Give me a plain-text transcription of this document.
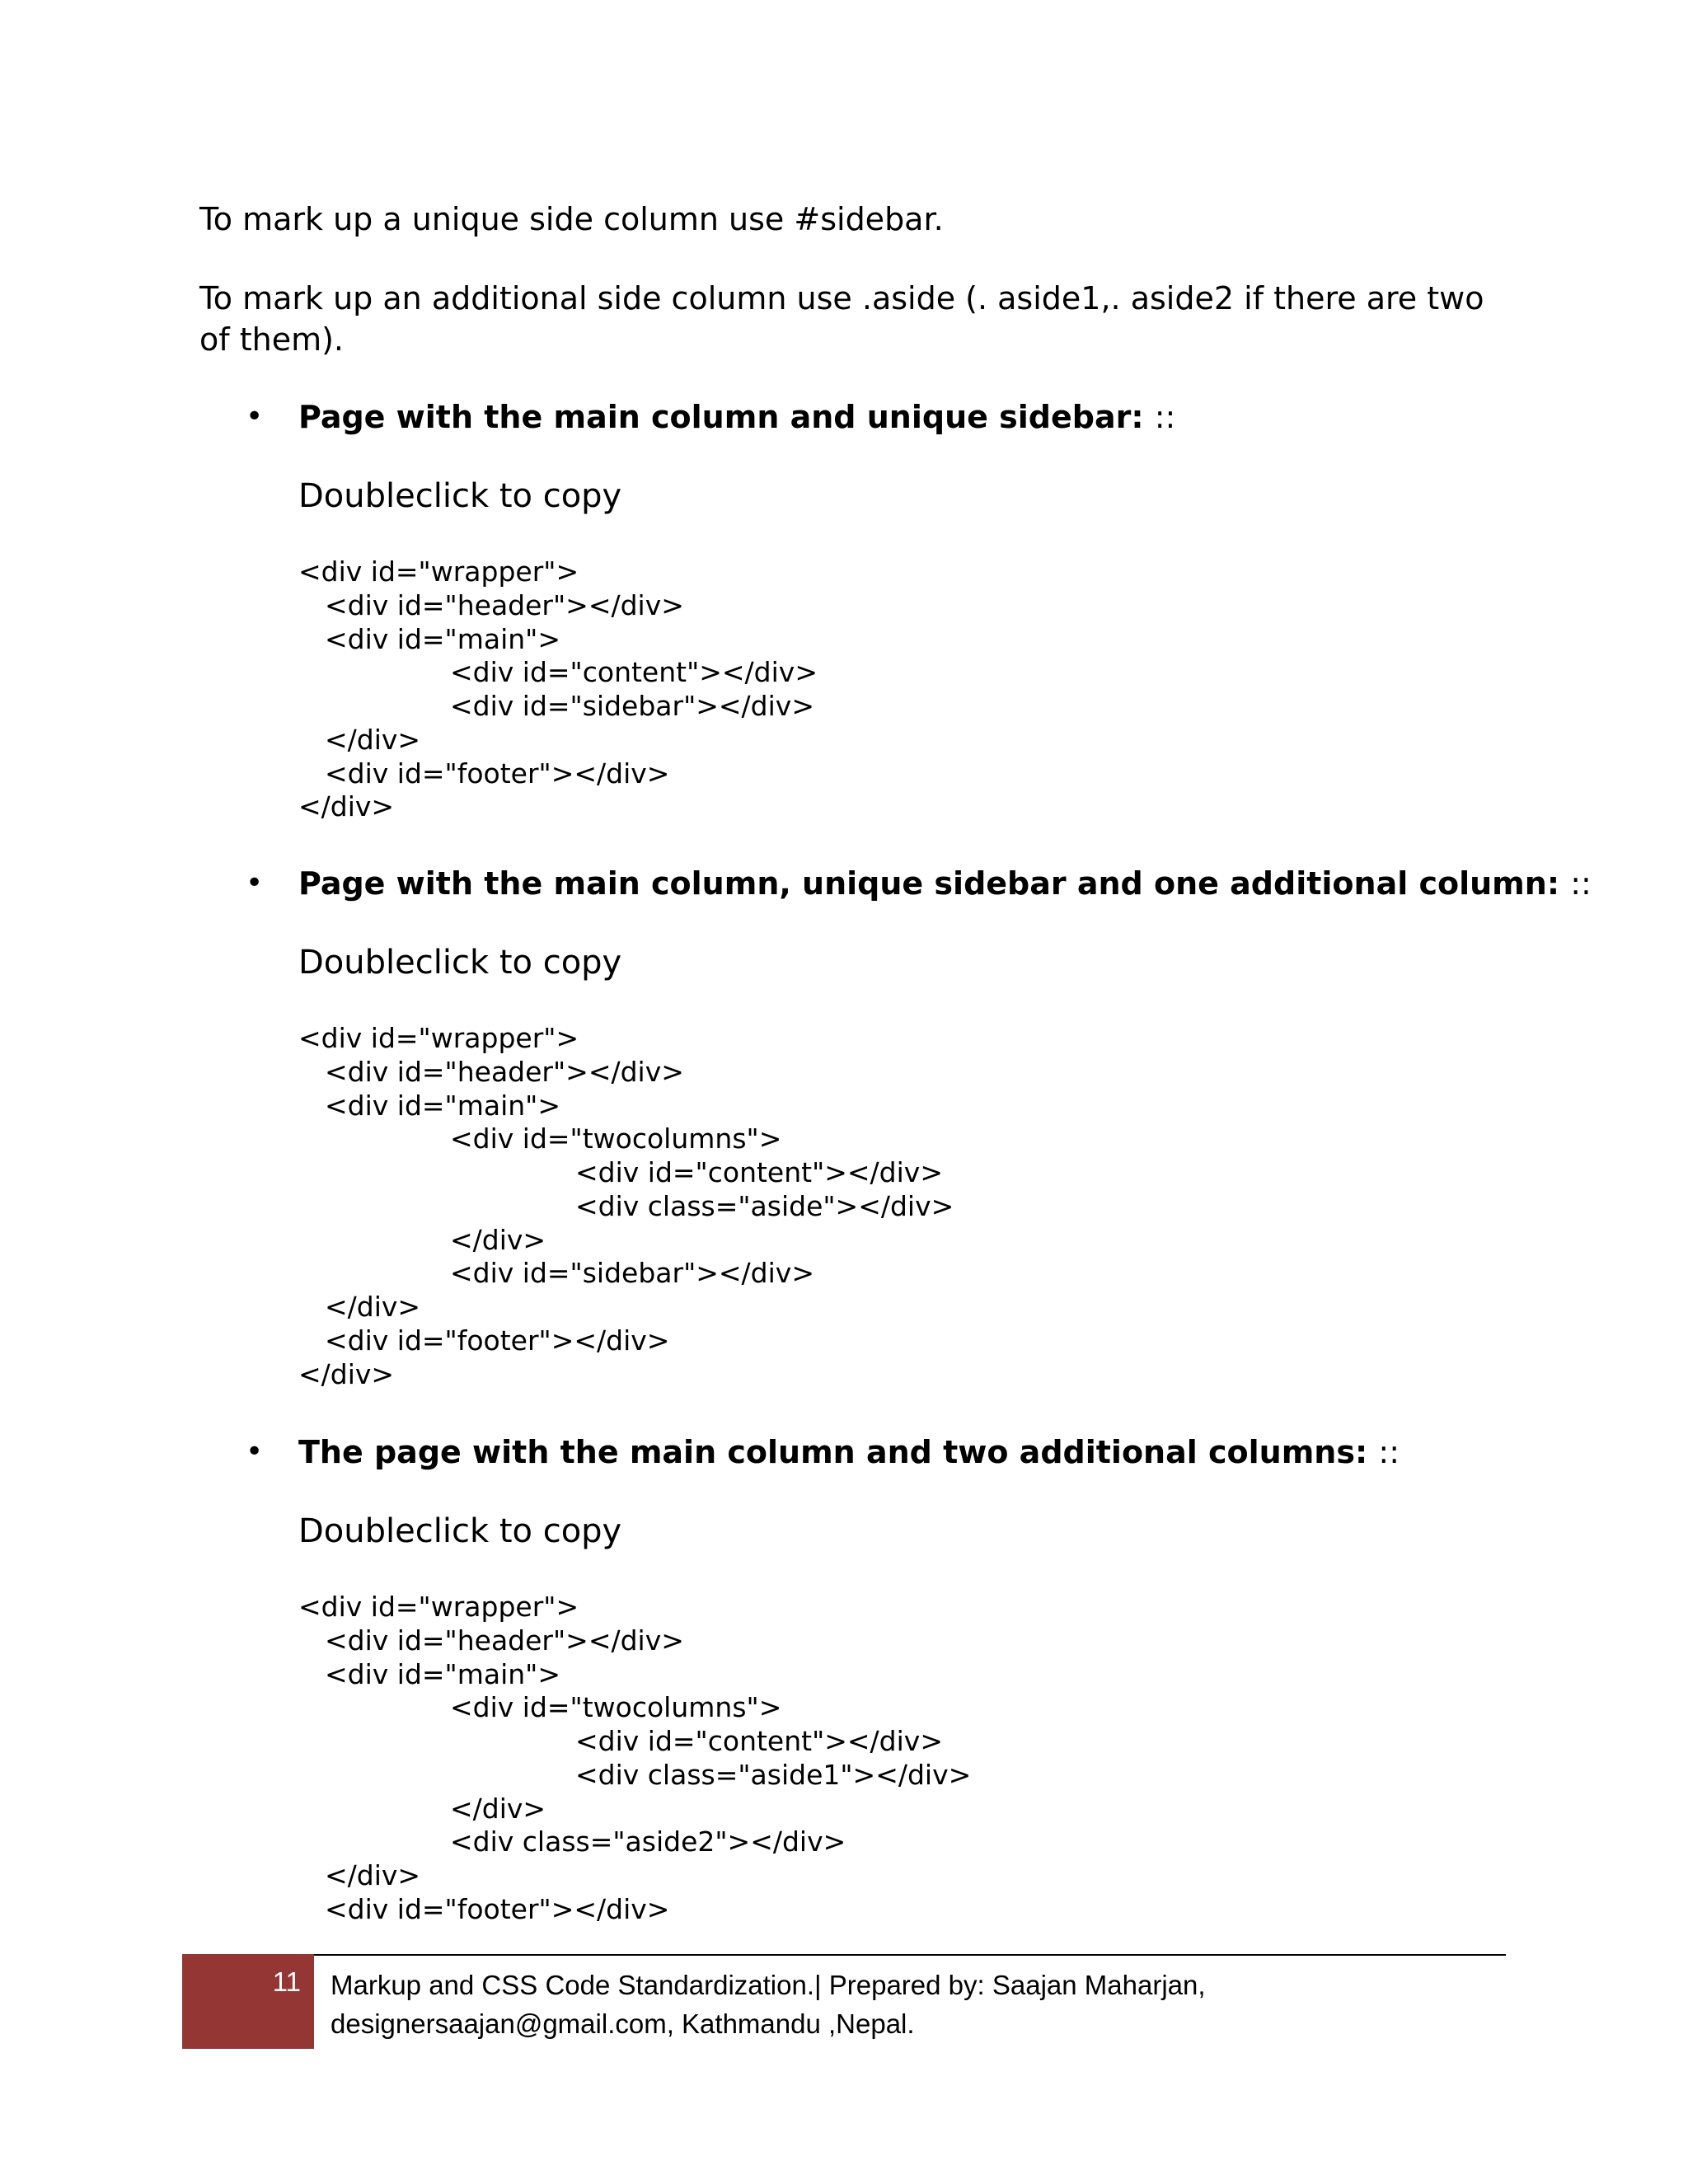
To mark up a unique side column use #sidebar.

To mark up an additional side column use .aside (. aside1,. aside2 if there are two of them).

• Page with the main column and unique sidebar: ::

Doubleclick to copy
<div id="wrapper">
<div id="header"></div>
<div id="main">
<div id="content"></div>
<div id="sidebar"></div>
</div>
<div id="footer"></div>
</div>
• Page with the main column, unique sidebar and one additional column: ::

Doubleclick to copy
<div id="wrapper">
<div id="header"></div>
<div id="main">
<div id="twocolumns">
<div id="content"></div>
<div class="aside"></div>
</div>
<div id="sidebar"></div>
</div>
<div id="footer"></div>
</div>
• The page with the main column and two additional columns: ::

Doubleclick to copy
<div id="wrapper">
<div id="header"></div>
<div id="main">
<div id="twocolumns">
<div id="content"></div>
<div class="aside1"></div>
</div>
<div class="aside2"></div>
</div>
<div id="footer"></div>
11 Markup and CSS Code Standardization.| Prepared by: Saajan Maharjan,
designersaajan@gmail.com, Kathmandu ,Nepal.
